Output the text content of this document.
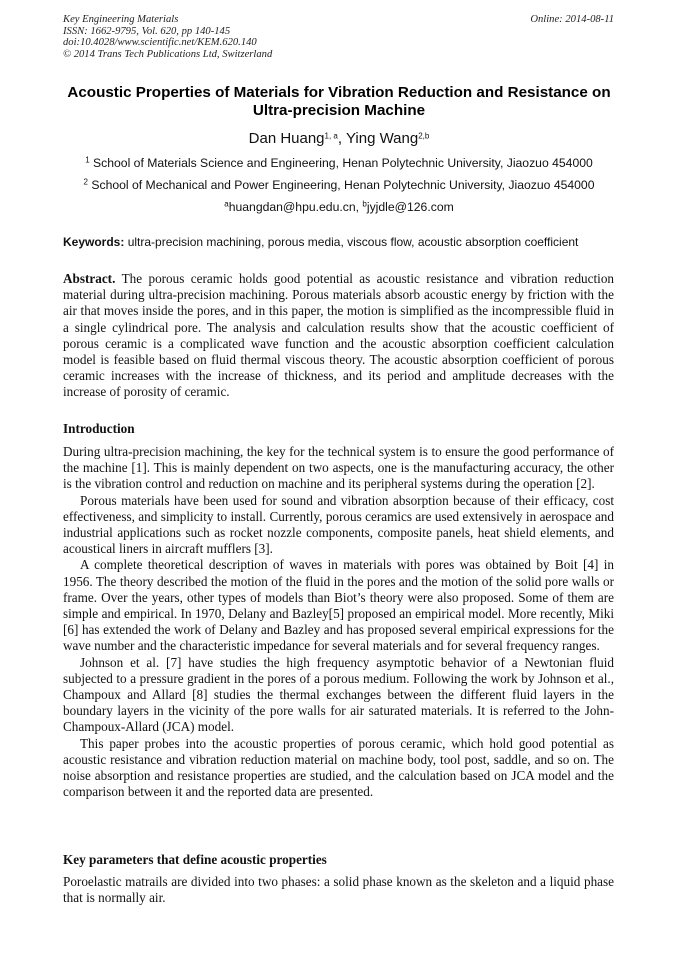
Key Engineering Materials
ISSN: 1662-9795, Vol. 620, pp 140-145
doi:10.4028/www.scientific.net/KEM.620.140
© 2014 Trans Tech Publications Ltd, Switzerland
Online: 2014-08-11
Acoustic Properties of Materials for Vibration Reduction and Resistance on Ultra-precision Machine
Dan Huang$^{1, a}$, Ying Wang$^{2,b}$
$^1$ School of Materials Science and Engineering, Henan Polytechnic University, Jiaozuo 454000
$^2$ School of Mechanical and Power Engineering, Henan Polytechnic University, Jiaozuo 454000
$^a$huangdan@hpu.edu.cn, $^b$jyjdle@126.com
Keywords: ultra-precision machining, porous media, viscous flow, acoustic absorption coefficient

Abstract. The porous ceramic holds good potential as acoustic resistance and vibration reduction material during ultra-precision machining. Porous materials absorb acoustic energy by friction with the air that moves inside the pores, and in this paper, the motion is simplified as the incompressible fluid in a single cylindrical pore. The analysis and calculation results show that the acoustic coefficient of porous ceramic is a complicated wave function and the acoustic absorption coefficient calculation model is feasible based on fluid thermal viscous theory. The acoustic absorption coefficient of porous ceramic increases with the increase of thickness, and its period and amplitude decreases with the increase of porosity of ceramic.

Introduction

During ultra-precision machining, the key for the technical system is to ensure the good performance of the machine [1]. This is mainly dependent on two aspects, one is the manufacturing accuracy, the other is the vibration control and reduction on machine and its peripheral systems during the operation [2].

Porous materials have been used for sound and vibration absorption because of their efficacy, cost effectiveness, and simplicity to install. Currently, porous ceramics are used extensively in aerospace and industrial applications such as rocket nozzle components, composite panels, heat shield elements, and acoustical liners in aircraft mufflers [3].

A complete theoretical description of waves in materials with pores was obtained by Boit [4] in 1956. The theory described the motion of the fluid in the pores and the motion of the solid pore walls or frame. Over the years, other types of models than Biot’s theory were also proposed. Some of them are simple and empirical. In 1970, Delany and Bazley[5] proposed an empirical model. More recently, Miki [6] has extended the work of Delany and Bazley and has proposed several empirical expressions for the wave number and the characteristic impedance for several materials and for several frequency ranges.

Johnson et al. [7] have studies the high frequency asymptotic behavior of a Newtonian fluid subjected to a pressure gradient in the pores of a porous medium. Following the work by Johnson et al., Champoux and Allard [8] studies the thermal exchanges between the different fluid layers in the boundary layers in the vicinity of the pore walls for air saturated materials. It is referred to the John-Champoux-Allard (JCA) model.

This paper probes into the acoustic properties of porous ceramic, which hold good potential as acoustic resistance and vibration reduction material on machine body, tool post, saddle, and so on. The noise absorption and resistance properties are studied, and the calculation based on JCA model and the comparison between it and the reported data are presented.

Key parameters that define acoustic properties

Poroelastic matrails are divided into two phases: a solid phase known as the skeleton and a liquid phase that is normally air.
